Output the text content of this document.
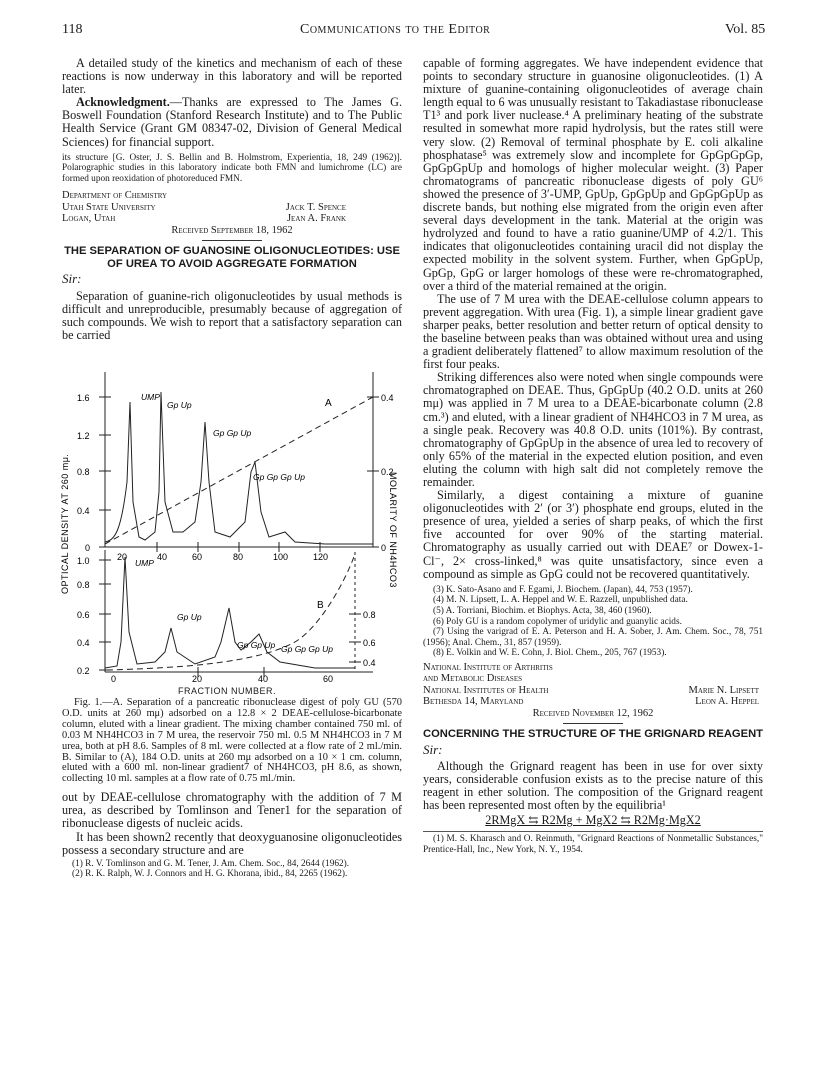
118	Communications to the Editor	Vol. 85

A detailed study of the kinetics and mechanism of each of these reactions is now underway in this laboratory and will be reported later.

Acknowledgment.—Thanks are expressed to The James G. Boswell Foundation (Stanford Research Institute) and to The Public Health Service (Grant GM 08347-02, Division of General Medical Sciences) for financial support.

its structure [G. Oster, J. S. Bellin and B. Holmstrom, Experientia, 18, 249 (1962)]. Polarographic studies in this laboratory indicate both FMN and lumichrome (LC) are formed upon reoxidation of photoreduced FMN.
Department of Chemistry
Utah State University	Jack T. Spence
Logan, Utah	Jean A. Frank
Received September 18, 1962
THE SEPARATION OF GUANOSINE OLIGONUCLEOTIDES: USE OF UREA TO AVOID AGGREGATE FORMATION
Sir:

Separation of guanine-rich oligonucleotides by usual methods is difficult and unreproducible, presumably because of aggregation of such compounds. We wish to report that a satisfactory separation can be carried

OPTICAL DENSITY AT 260 mμ.	MOLARITY OF NH4HCO3
1.6
1.2
0.8
0.4
0
0.4
0.2
0
20	40	60	80	100	120
A
UMP
Gp Up
Gp Gp Up
Gp Gp Gp Up
1.0
0.8
0.6
0.4
0.2
0.8
0.6
0.4
0	20	40	60
B
UMP
Gp Up
Gp Gp Up Gp Gp Gp Up
FRACTION NUMBER.
Fig. 1.—A. Separation of a pancreatic ribonuclease digest of poly GU (570 O.D. units at 260 mμ) adsorbed on a 12.8 × 2 DEAE-cellulose-bicarbonate column, eluted with a linear gradient. The mixing chamber contained 750 ml. of 0.03 M NH4HCO3 in 7 M urea, the reservoir 750 ml. 0.5 M NH4HCO3 in 7 M urea, both at pH 8.6. Samples of 8 ml. were collected at a flow rate of 2 ml./min. B. Similar to (A), 184 O.D. units at 260 mμ adsorbed on a 10 × 1 cm. column, eluted with a 600 ml. non-linear gradient7 of NH4HCO3, pH 8.6, as shown, collecting 10 ml. samples at a flow rate of 0.75 ml./min.

out by DEAE-cellulose chromatography with the addition of 7 M urea, as described by Tomlinson and Tener1 for the separation of ribonuclease digests of nucleic acids.

It has been shown2 recently that deoxyguanosine oligonucleotides possess a secondary structure and are

(1) R. V. Tomlinson and G. M. Tener, J. Am. Chem. Soc., 84, 2644 (1962).
(2) R. K. Ralph, W. J. Connors and H. G. Khorana, ibid., 84, 2265 (1962).

capable of forming aggregates. We have independent evidence that points to secondary structure in guanosine oligonucleotides. (1) A mixture of guanine-containing oligonucleotides of average chain length equal to 6 was unusually resistant to Takadiastase ribonuclease T1³ and pork liver nuclease.⁴ A preliminary heating of the substrate resulted in somewhat more rapid hydrolysis, but the rates still were very slow. (2) Removal of terminal phosphate by E. coli alkaline phosphatase⁵ was extremely slow and incomplete for GpGpGpGp, GpGpGpUp and homologs of higher molecular weight. (3) Paper chromatograms of pancreatic ribonuclease digests of poly GU⁶ showed the presence of 3′-UMP, GpUp, GpGpUp and GpGpGpUp as discrete bands, but nothing else migrated from the origin even after several days development in the tank. Material at the origin was hydrolyzed and found to have a ratio guanine/UMP of 4.2/1. This indicates that oligonucleotides containing uracil did not display the expected mobility in the solvent system. Further, when GpGpUp, GpGp, GpG or larger homologs of these were re-chromatographed, over a third of the material remained at the origin.

The use of 7 M urea with the DEAE-cellulose column appears to prevent aggregation. With urea (Fig. 1), a simple linear gradient gave sharper peaks, better resolution and better return of optical density to the baseline between peaks than was obtained without urea and using a gradient deliberately flattened⁷ to allow maximum resolution of the first four peaks.

Striking differences also were noted when single compounds were chromatographed on DEAE. Thus, GpGpUp (40.2 O.D. units at 260 mμ) was applied in 7 M urea to a DEAE-bicarbonate column (2.8 cm.³) and eluted, with a linear gradient of NH4HCO3 in 7 M urea, as a single peak. Recovery was 40.8 O.D. units (101%). By contrast, chromatography of GpGpUp in the absence of urea led to recovery of only 65% of the material in the expected elution position, and even eluting the column with high salt did not completely remove the remainder.

Similarly, a digest containing a mixture of guanine oligonucleotides with 2′ (or 3′) phosphate end groups, eluted in the presence of urea, yielded a series of sharp peaks, of which the first five accounted for over 90% of the starting material. Chromatography as usually carried out with DEAE⁷ or Dowex-1-Cl⁻, 2× cross-linked,⁸ was quite unsatisfactory, since even a compound as simple as GpG could not be recovered quantitatively.

(3) K. Sato-Asano and F. Egami, J. Biochem. (Japan), 44, 753 (1957).
(4) M. N. Lipsett, L. A. Heppel and W. E. Razzell, unpublished data.
(5) A. Torriani, Biochim. et Biophys. Acta, 38, 460 (1960).
(6) Poly GU is a random copolymer of uridylic and guanylic acids.
(7) Using the varigrad of E. A. Peterson and H. A. Sober, J. Am. Chem. Soc., 78, 751 (1956); Anal. Chem., 31, 857 (1959).
(8) E. Volkin and W. E. Cohn, J. Biol. Chem., 205, 767 (1953).
National Institute of Arthritis
and Metabolic Diseases
National Institutes of Health	Marie N. Lipsett
Bethesda 14, Maryland	Leon A. Heppel
Received November 12, 1962
CONCERNING THE STRUCTURE OF THE GRIGNARD REAGENT
Sir:

Although the Grignard reagent has been in use for over sixty years, considerable confusion exists as to the precise nature of this reagent in ether solution. The composition of the Grignard reagent has been represented most often by the equilibria¹

2RMgX ⇆ R2Mg + MgX2 ⇆ R2Mg·MgX2
(1) M. S. Kharasch and O. Reinmuth, "Grignard Reactions of Nonmetallic Substances," Prentice-Hall, Inc., New York, N. Y., 1954.
